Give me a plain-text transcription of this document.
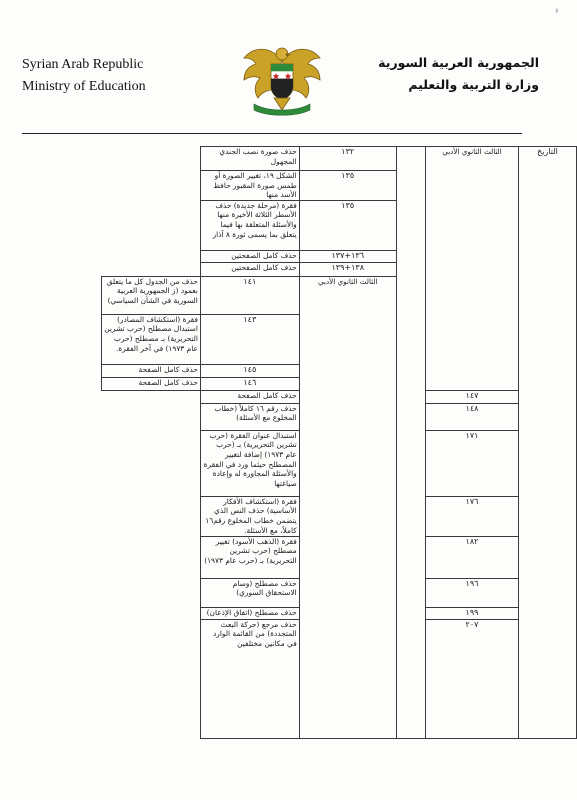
ء
Syrian Arab Republic
Ministry of Education
الجمهورية العربية السورية
وزارة التربية والتعليم
التاريخ	الثالث الثانوي الأدبي		١٣٢	حذف صورة نصب الجندي المجهول	
			١٣٥	الشكل ١٩، تغيير الصورة أو طمس صورة المقبور حافظ الأسد منها	
			١٣٥	فقرة (مرحلة جديدة) حذف الأسطر الثلاثة الأخيرة منها والأسئلة المتعلقة بها فيما يتعلق بما يسمى ثورة ٨ آذار	
			١٣٦+١٣٧	حذف كامل الصفحتين	
			١٣٨+١٣٩	حذف كامل الصفحتين	
			الثالث الثانوي الأدبي	١٤١	حذف من الجدول كل ما يتعلق بعمود (ز الجمهورية العربية السورية في الشأن السياسي)
				١٤٣	فقرة (استكشاف المصادر) استبدال مصطلح (حرب تشرين التحريرية) بـ مصطلح (حرب عام ١٩٧٣) في آخر الفقرة.
				١٤٥	حذف كامل الصفحة
				١٤٦	حذف كامل الصفحة
	١٤٧			حذف كامل الصفحة	
	١٤٨			حذف رقم ١٦ كاملاً (خطاب المخلوع مع الأسئلة)	
	١٧١			استبدال عنوان الفقرة (حرب تشرين التحريرية) بـ (حرب عام ١٩٧٣) إضافة لتغيير المصطلح حيثما ورد في الفقرة والأسئلة المجاورة له وإعادة صياغتها	
	١٧٦			فقرة (استكشاف الأفكار الأساسية) حذف النص الذي يتضمن خطاب المخلوع رقم١٦ كاملاً، مع الأسئلة.	
	١٨٢			فقرة (الذهب الأسود) تغيير مصطلح (حرب تشرين التحريرية) بـ (حرب عام ١٩٧٣)	
	١٩٦			حذف مصطلح (وسام الاستحقاق السوري)	
	١٩٩			حذف مصطلح (اتفاق الإذعان)	
	٢٠٧			حذف مرجع (حركة البعث المتجددة) من القائمة الوارد في مكانين مختلفين	
